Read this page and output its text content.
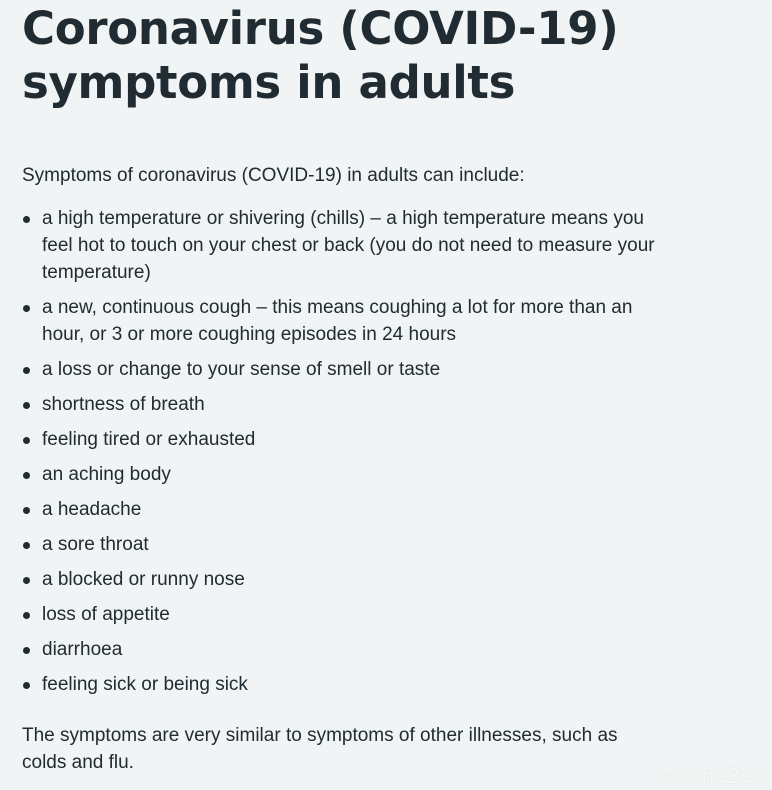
Coronavirus (COVID-19) symptoms in adults

Symptoms of coronavirus (COVID-19) in adults can include:

a high temperature or shivering (chills) – a high temperature means you feel hot to touch on your chest or back (you do not need to measure your temperature)
a new, continuous cough – this means coughing a lot for more than an hour, or 3 or more coughing episodes in 24 hours
a loss or change to your sense of smell or taste
shortness of breath
feeling tired or exhausted
an aching body
a headache
a sore throat
a blocked or runny nose
loss of appetite
diarrhoea
feeling sick or being sick

The symptoms are very similar to symptoms of other illnesses, such as colds and flu.

Chi na2uk
